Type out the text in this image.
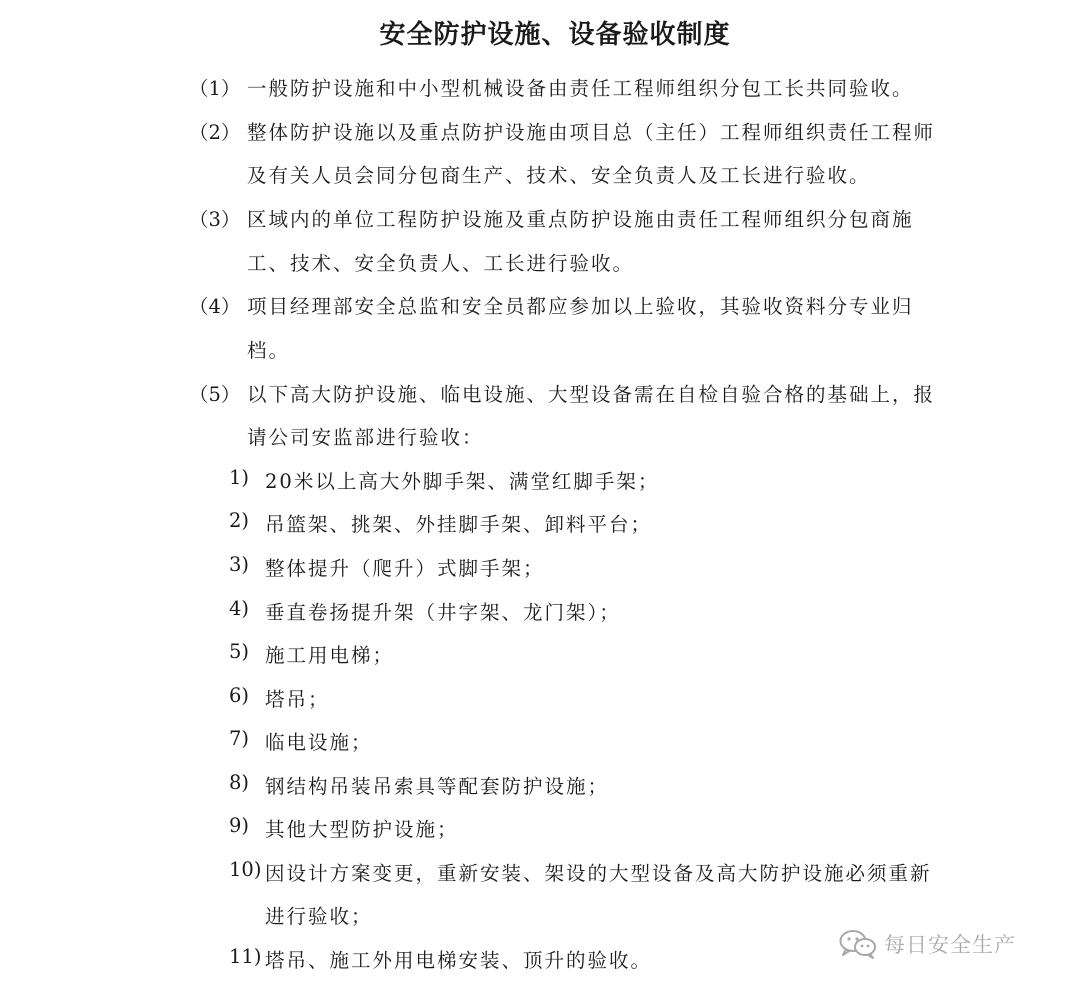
安全防护设施、设备验收制度
（1） 一般防护设施和中小型机械设备由责任工程师组织分包工长共同验收。
（2） 整体防护设施以及重点防护设施由项目总（主任）工程师组织责任工程师
及有关人员会同分包商生产、技术、安全负责人及工长进行验收。
（3） 区域内的单位工程防护设施及重点防护设施由责任工程师组织分包商施
工、技术、安全负责人、工长进行验收。
（4） 项目经理部安全总监和安全员都应参加以上验收，其验收资料分专业归
档。
（5） 以下高大防护设施、临电设施、大型设备需在自检自验合格的基础上，报
请公司安监部进行验收：
1) 20米以上高大外脚手架、满堂红脚手架；
2) 吊篮架、挑架、外挂脚手架、卸料平台；
3) 整体提升（爬升）式脚手架；
4) 垂直卷扬提升架（井字架、龙门架）；
5) 施工用电梯；
6) 塔吊；
7) 临电设施；
8) 钢结构吊装吊索具等配套防护设施；
9) 其他大型防护设施；
10) 因设计方案变更，重新安装、架设的大型设备及高大防护设施必须重新
进行验收；
11) 塔吊、施工外用电梯安装、顶升的验收。
每日安全生产
